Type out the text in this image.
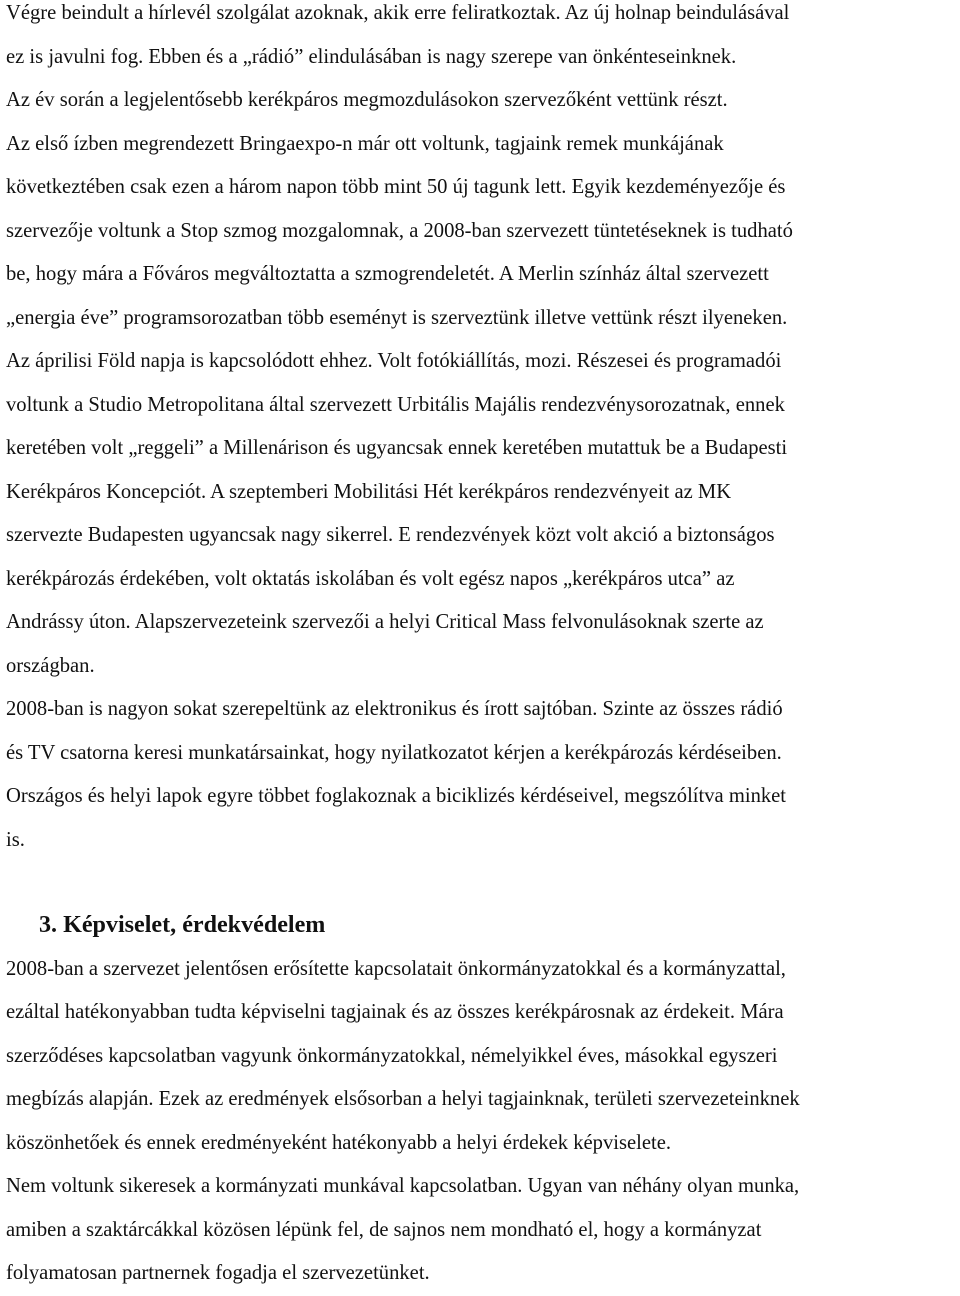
Végre beindult a hírlevél szolgálat azoknak, akik erre feliratkoztak. Az új holnap beindulásával
ez is javulni fog. Ebben és a „rádió” elindulásában is nagy szerepe van önkénteseinknek.
Az év során a legjelentősebb kerékpáros megmozdulásokon szervezőként vettünk részt.
Az első ízben megrendezett Bringaexpo-n már ott voltunk, tagjaink remek munkájának
következtében csak ezen a három napon több mint 50 új tagunk lett. Egyik kezdeményezője és
szervezője voltunk a Stop szmog mozgalomnak, a 2008-ban szervezett tüntetéseknek is tudható
be, hogy mára a Főváros megváltoztatta a szmogrendeletét. A Merlin színház által szervezett
„energia éve” programsorozatban több eseményt is szerveztünk illetve vettünk részt ilyeneken.
Az áprilisi Föld napja is kapcsolódott ehhez. Volt fotókiállítás, mozi. Részesei és programadói
voltunk a Studio Metropolitana által szervezett Urbitális Majális rendezvénysorozatnak, ennek
keretében volt „reggeli” a Millenárison és ugyancsak ennek keretében mutattuk be a Budapesti
Kerékpáros Koncepciót. A szeptemberi Mobilitási Hét kerékpáros rendezvényeit az MK
szervezte Budapesten ugyancsak nagy sikerrel. E rendezvények közt volt akció a biztonságos
kerékpározás érdekében, volt oktatás iskolában és volt egész napos „kerékpáros utca” az
Andrássy úton. Alapszervezeteink szervezői a helyi Critical Mass felvonulásoknak szerte az
országban.

2008-ban is nagyon sokat szerepeltünk az elektronikus és írott sajtóban. Szinte az összes rádió
és TV csatorna keresi munkatársainkat, hogy nyilatkozatot kérjen a kerékpározás kérdéseiben.
Országos és helyi lapok egyre többet foglakoznak a biciklizés kérdéseivel, megszólítva minket
is.

3. Képviselet, érdekvédelem

2008-ban a szervezet jelentősen erősítette kapcsolatait önkormányzatokkal és a kormányzattal,
ezáltal hatékonyabban tudta képviselni tagjainak és az összes kerékpárosnak az érdekeit. Mára
szerződéses kapcsolatban vagyunk önkormányzatokkal, némelyikkel éves, másokkal egyszeri
megbízás alapján. Ezek az eredmények elsősorban a helyi tagjainknak, területi szervezeteinknek
köszönhetőek és ennek eredményeként hatékonyabb a helyi érdekek képviselete.

Nem voltunk sikeresek a kormányzati munkával kapcsolatban. Ugyan van néhány olyan munka,
amiben a szaktárcákkal közösen lépünk fel, de sajnos nem mondható el, hogy a kormányzat
folyamatosan partnernek fogadja el szervezetünket.
